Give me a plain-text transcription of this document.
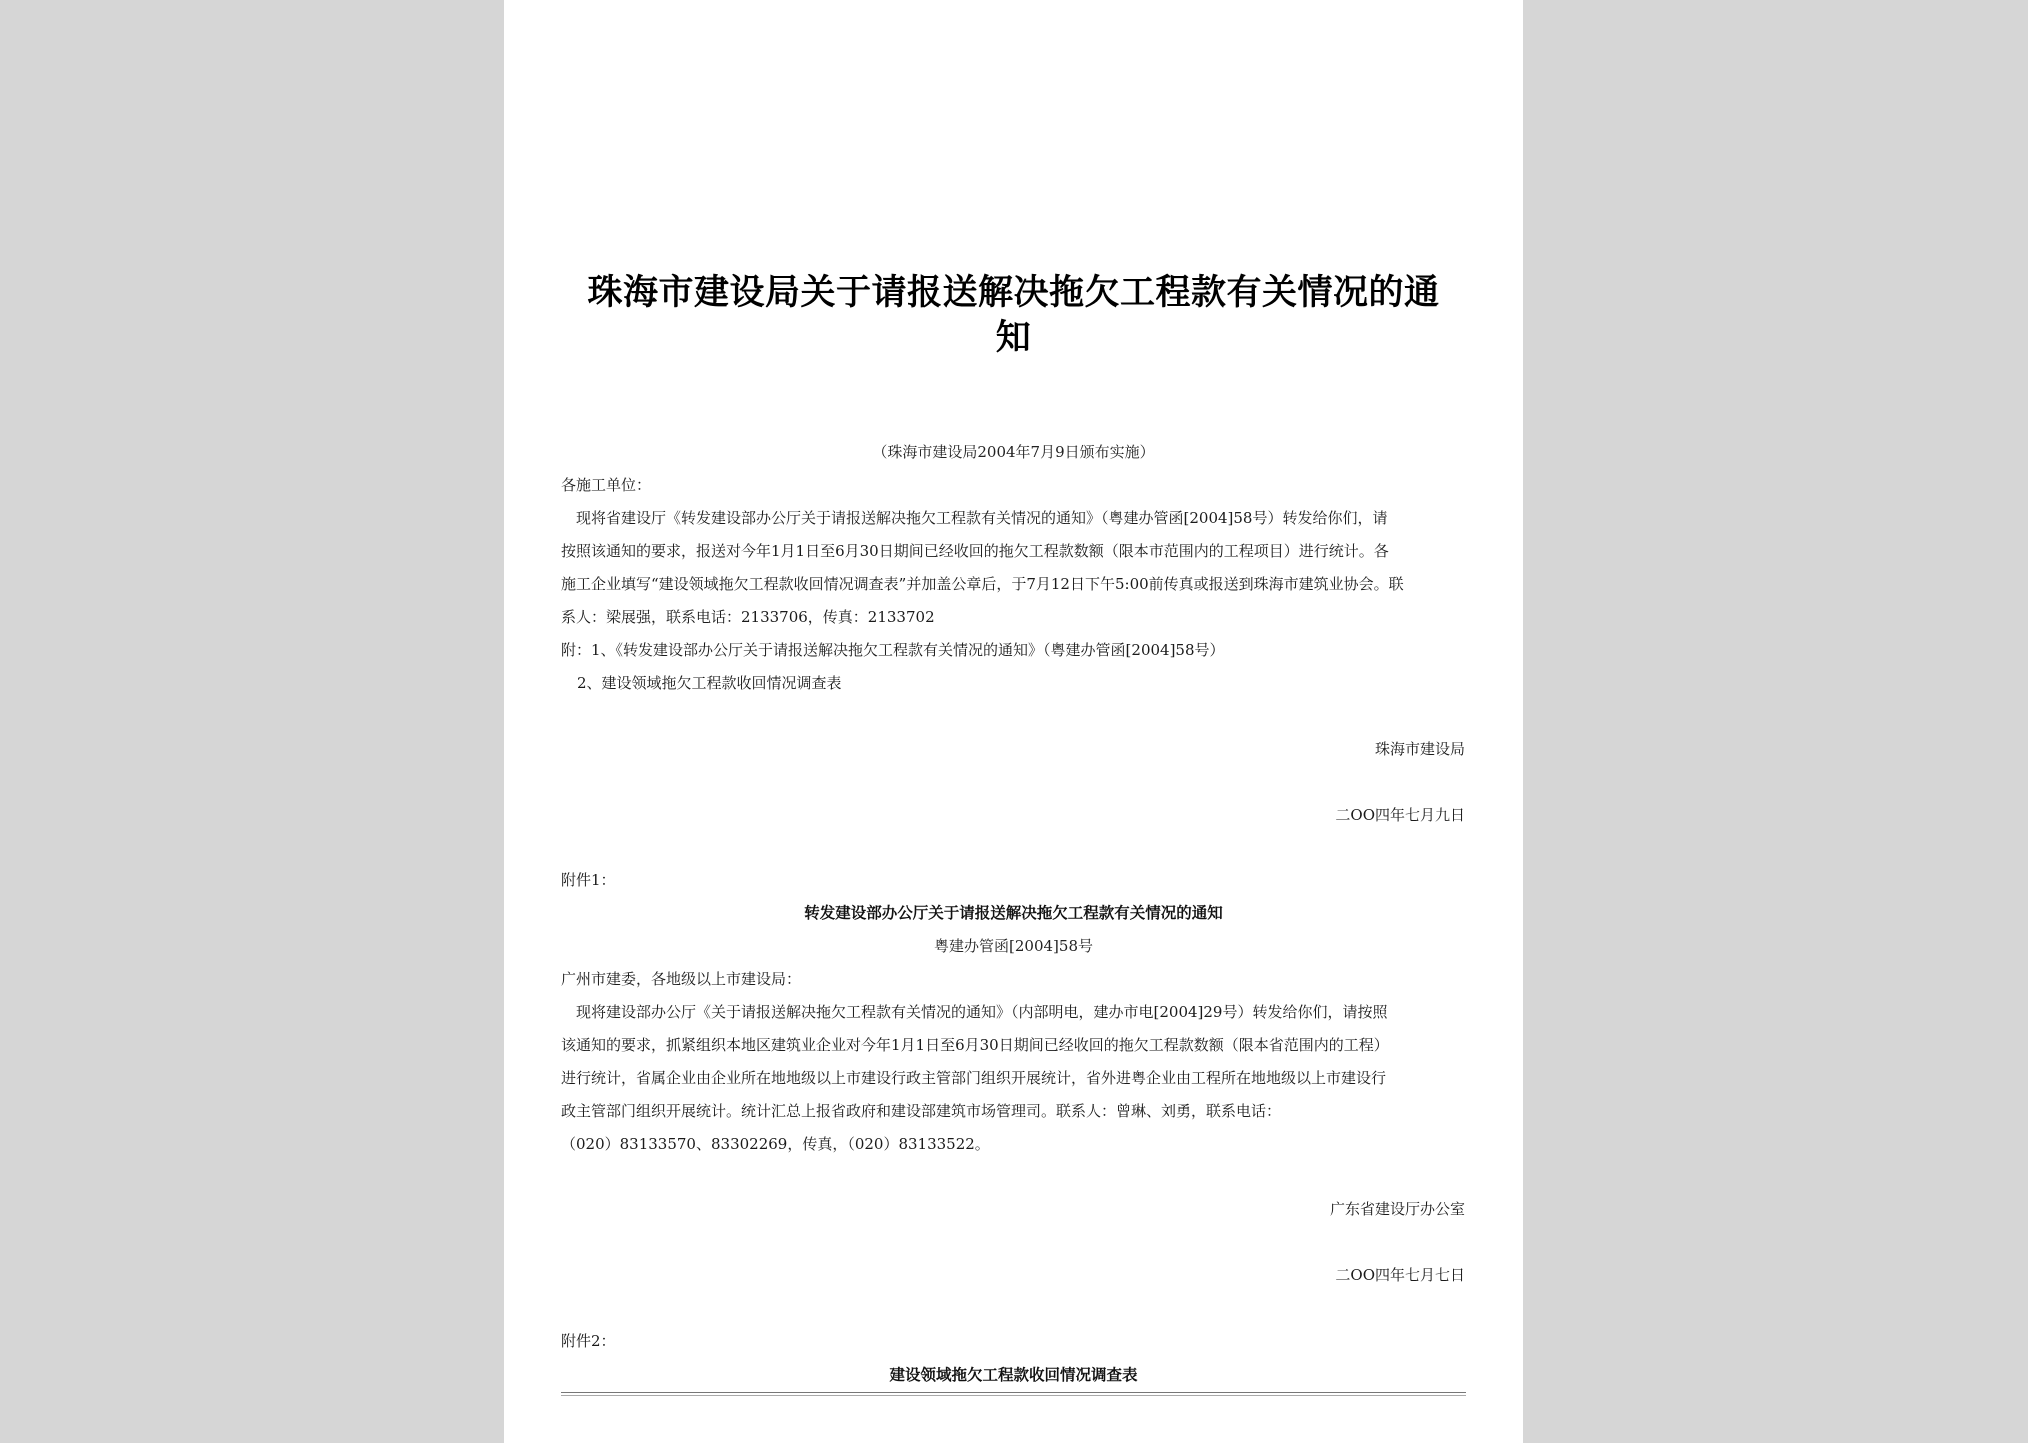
珠海市建设局关于请报送解决拖欠工程款有关情况的通
知
（珠海市建设局2004年7月9日颁布实施）
各施工单位：
现将省建设厅《转发建设部办公厅关于请报送解决拖欠工程款有关情况的通知》（粤建办管函[2004]58号）转发给你们，请
按照该通知的要求，报送对今年1月1日至6月30日期间已经收回的拖欠工程款数额（限本市范围内的工程项目）进行统计。各
施工企业填写“建设领域拖欠工程款收回情况调查表”并加盖公章后，于7月12日下午5:00前传真或报送到珠海市建筑业协会。联
系人：梁展强，联系电话：2133706，传真：2133702
附：1、《转发建设部办公厅关于请报送解决拖欠工程款有关情况的通知》（粤建办管函[2004]58号）
2、建设领域拖欠工程款收回情况调查表
珠海市建设局
二OO四年七月九日
附件1：
转发建设部办公厅关于请报送解决拖欠工程款有关情况的通知
粤建办管函[2004]58号
广州市建委，各地级以上市建设局：
现将建设部办公厅《关于请报送解决拖欠工程款有关情况的通知》（内部明电，建办市电[2004]29号）转发给你们，请按照
该通知的要求，抓紧组织本地区建筑业企业对今年1月1日至6月30日期间已经收回的拖欠工程款数额（限本省范围内的工程）
进行统计，省属企业由企业所在地地级以上市建设行政主管部门组织开展统计，省外进粤企业由工程所在地地级以上市建设行
政主管部门组织开展统计。统计汇总上报省政府和建设部建筑市场管理司。联系人：曾琳、刘勇，联系电话：
（020）83133570、83302269，传真，（020）83133522。
广东省建设厅办公室
二OO四年七月七日
附件2：
建设领域拖欠工程款收回情况调查表
